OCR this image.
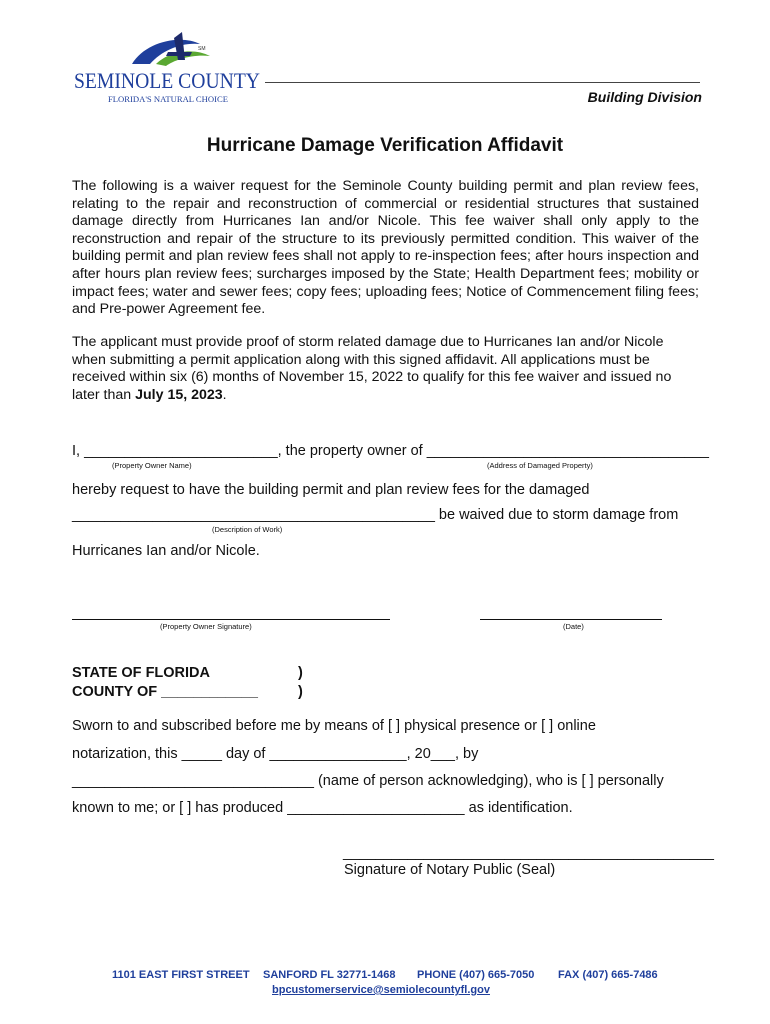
SM
SEMINOLE COUNTY
FLORIDA'S NATURAL CHOICE	Building Division
Hurricane Damage Verification Affidavit
The following is a waiver request for the Seminole County building permit and plan review fees, relating to the repair and reconstruction of commercial or residential structures that sustained damage directly from Hurricanes Ian and/or Nicole. This fee waiver shall only apply to the reconstruction and repair of the structure to its previously permitted condition. This waiver of the building permit and plan review fees shall not apply to re-inspection fees; after hours inspection and after hours plan review fees; surcharges imposed by the State; Health Department fees; mobility or impact fees; water and sewer fees; copy fees; uploading fees; Notice of Commencement filing fees; and Pre-power Agreement fee.
The applicant must provide proof of storm related damage due to Hurricanes Ian and/or Nicole when submitting a permit application along with this signed affidavit. All applications must be received within six (6) months of November 15, 2022 to qualify for this fee waiver and issued no later than July 15, 2023.
I, ________________________, the property owner of ___________________________________
(Property Owner Name)	(Address of Damaged Property)
hereby request to have the building permit and plan review fees for the damaged
_____________________________________________ be waived due to storm damage from
(Description of Work)
Hurricanes Ian and/or Nicole.
(Property Owner Signature)	(Date)
STATE OF FLORIDA
COUNTY OF ____________
)
)
Sworn to and subscribed before me by means of [ ] physical presence or [ ] online
notarization, this _____ day of _________________, 20___, by
______________________________ (name of person acknowledging), who is [ ] personally
known to me; or [ ] has produced ______________________ as identification.
______________________________________________
Signature of Notary Public (Seal)
1101 EAST FIRST STREET SANFORD FL 32771-1468 PHONE (407) 665-7050 FAX (407) 665-7486
bpcustomerservice@semiolecountyfl.gov
